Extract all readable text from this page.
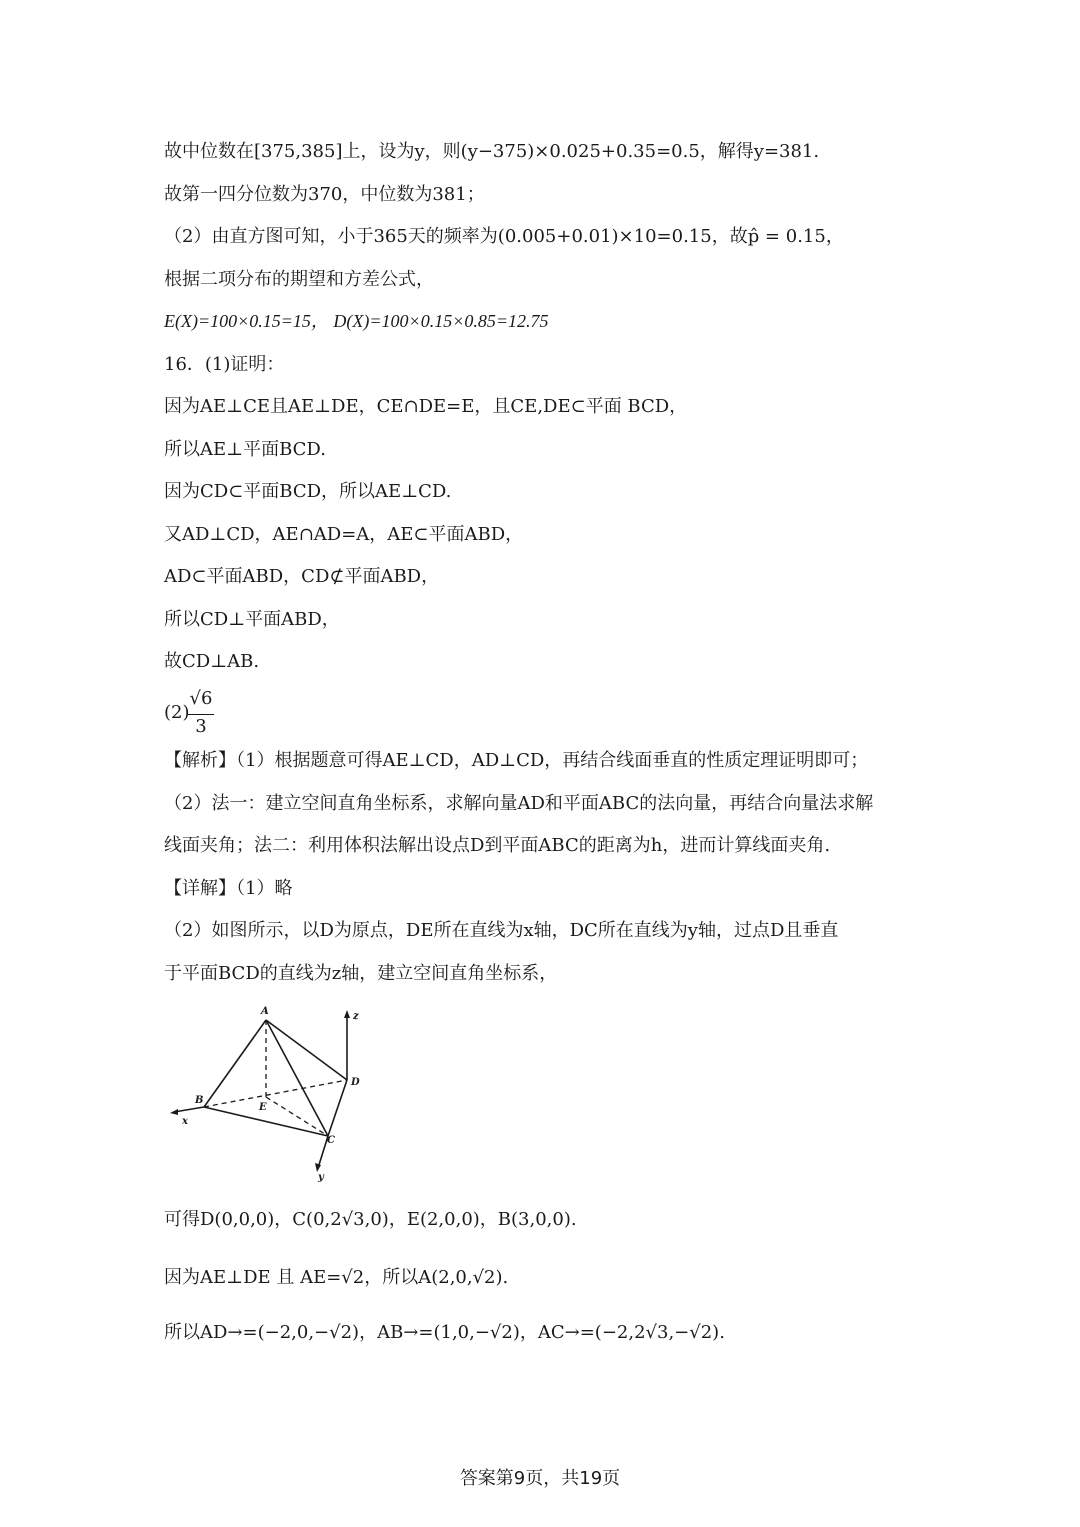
故中位数在[375,385]上，设为y，则(y−375)×0.025+0.35=0.5，解得y=381.
故第一四分位数为370，中位数为381；
（2）由直方图可知，小于365天的频率为(0.005+0.01)×10=0.15，故p̂ = 0.15，
根据二项分布的期望和方差公式，
E(X)=100×0.15=15， D(X)=100×0.15×0.85=12.75
16．(1)证明：
因为AE⊥CE且AE⊥DE，CE∩DE=E，且CE,DE⊂平面 BCD，
所以AE⊥平面BCD.
因为CD⊂平面BCD，所以AE⊥CD.
又AD⊥CD，AE∩AD=A，AE⊂平面ABD，
AD⊂平面ABD，CD⊄平面ABD，
所以CD⊥平面ABD，
故CD⊥AB.
(2)
√6
3
【解析】（1）根据题意可得AE⊥CD，AD⊥CD，再结合线面垂直的性质定理证明即可；
（2）法一：建立空间直角坐标系，求解向量AD和平面ABC的法向量，再结合向量法求解
线面夹角；法二：利用体积法解出设点D到平面ABC的距离为h，进而计算线面夹角.
【详解】（1）略
（2）如图所示，以D为原点，DE所在直线为x轴，DC所在直线为y轴，过点D且垂直
于平面BCD的直线为z轴，建立空间直角坐标系，
A
B
C
D
E
x
y
z
可得D(0,0,0)，C(0,2√3,0)，E(2,0,0)，B(3,0,0).
因为AE⊥DE 且 AE=√2，所以A(2,0,√2).
所以AD→=(−2,0,−√2)，AB→=(1,0,−√2)，AC→=(−2,2√3,−√2).
答案第9页，共19页
